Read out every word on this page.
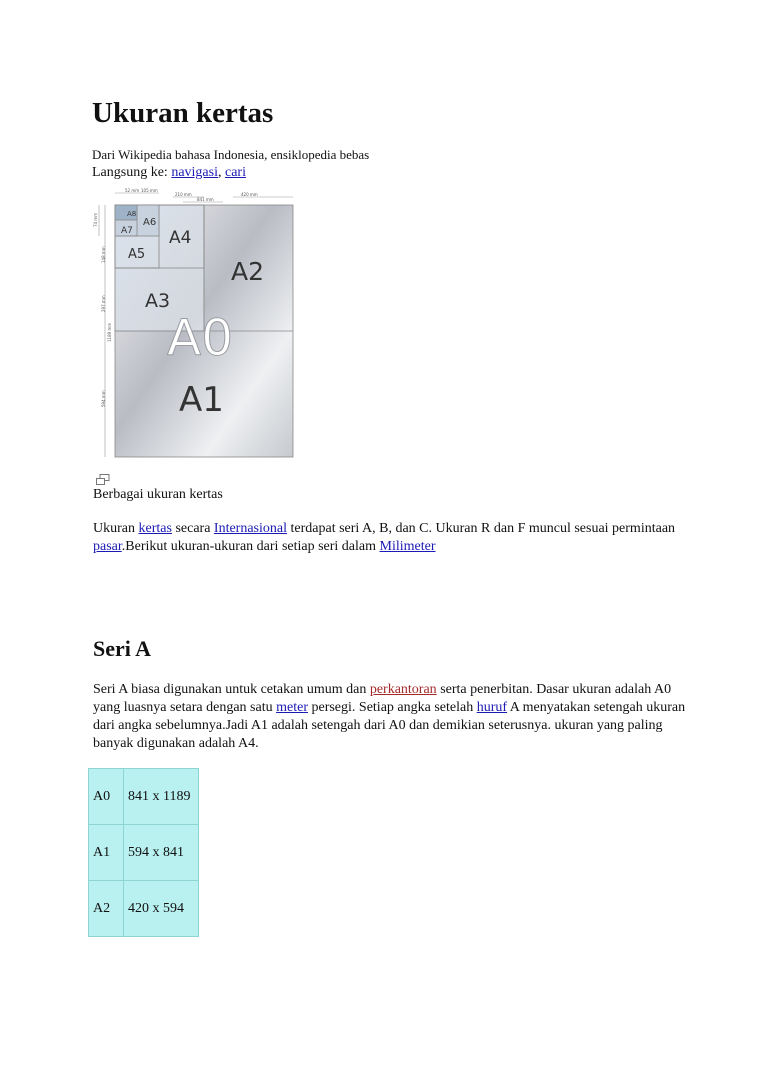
Ukuran kertas
Dari Wikipedia bahasa Indonesia, ensiklopedia bebas
Langsung ke: navigasi, cari
52 mm 105 mm
210 mm	420 mm
841 mm
74 mm
148 mm
297 mm
594 mm
1189 mm
A8
A7
A6
A5
A4
A3
A2
A0
A1
Berbagai ukuran kertas
Ukuran kertas secara Internasional terdapat seri A, B, dan C. Ukuran R dan F muncul sesuai permintaan pasar.Berikut ukuran-ukuran dari setiap seri dalam Milimeter
Seri A
Seri A biasa digunakan untuk cetakan umum dan perkantoran serta penerbitan. Dasar ukuran adalah A0 yang luasnya setara dengan satu meter persegi. Setiap angka setelah huruf A menyatakan setengah ukuran dari angka sebelumnya.Jadi A1 adalah setengah dari A0 dan demikian seterusnya. ukuran yang paling banyak digunakan adalah A4.
A0	841 x 1189
A1	594 x 841
A2	420 x 594
